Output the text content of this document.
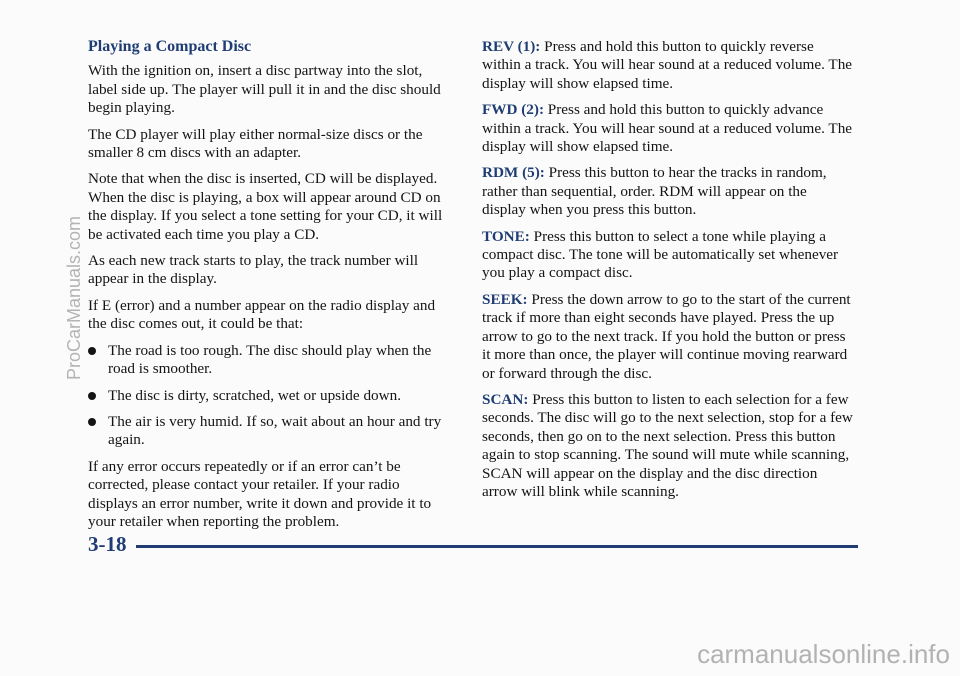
Playing a Compact Disc

With the ignition on, insert a disc partway into the slot, label side up. The player will pull it in and the disc should begin playing.

The CD player will play either normal-size discs or the smaller 8 cm discs with an adapter.

Note that when the disc is inserted, CD will be displayed. When the disc is playing, a box will appear around CD on the display. If you select a tone setting for your CD, it will be activated each time you play a CD.

As each new track starts to play, the track number will appear in the display.

If E (error) and a number appear on the radio display and the disc comes out, it could be that:

The road is too rough. The disc should play when the road is smoother.
The disc is dirty, scratched, wet or upside down.
The air is very humid. If so, wait about an hour and try again.

If any error occurs repeatedly or if an error can’t be corrected, please contact your retailer. If your radio displays an error number, write it down and provide it to your retailer when reporting the problem.

REV (1): Press and hold this button to quickly reverse within a track. You will hear sound at a reduced volume. The display will show elapsed time.

FWD (2): Press and hold this button to quickly advance within a track. You will hear sound at a reduced volume. The display will show elapsed time.

RDM (5): Press this button to hear the tracks in random, rather than sequential, order. RDM will appear on the display when you press this button.

TONE: Press this button to select a tone while playing a compact disc. The tone will be automatically set whenever you play a compact disc.

SEEK: Press the down arrow to go to the start of the current track if more than eight seconds have played. Press the up arrow to go to the next track. If you hold the button or press it more than once, the player will continue moving rearward or forward through the disc.

SCAN: Press this button to listen to each selection for a few seconds. The disc will go to the next selection, stop for a few seconds, then go on to the next selection. Press this button again to stop scanning. The sound will mute while scanning, SCAN will appear on the display and the disc direction arrow will blink while scanning.

3-18
ProCarManuals.com
carmanualsonline.info
